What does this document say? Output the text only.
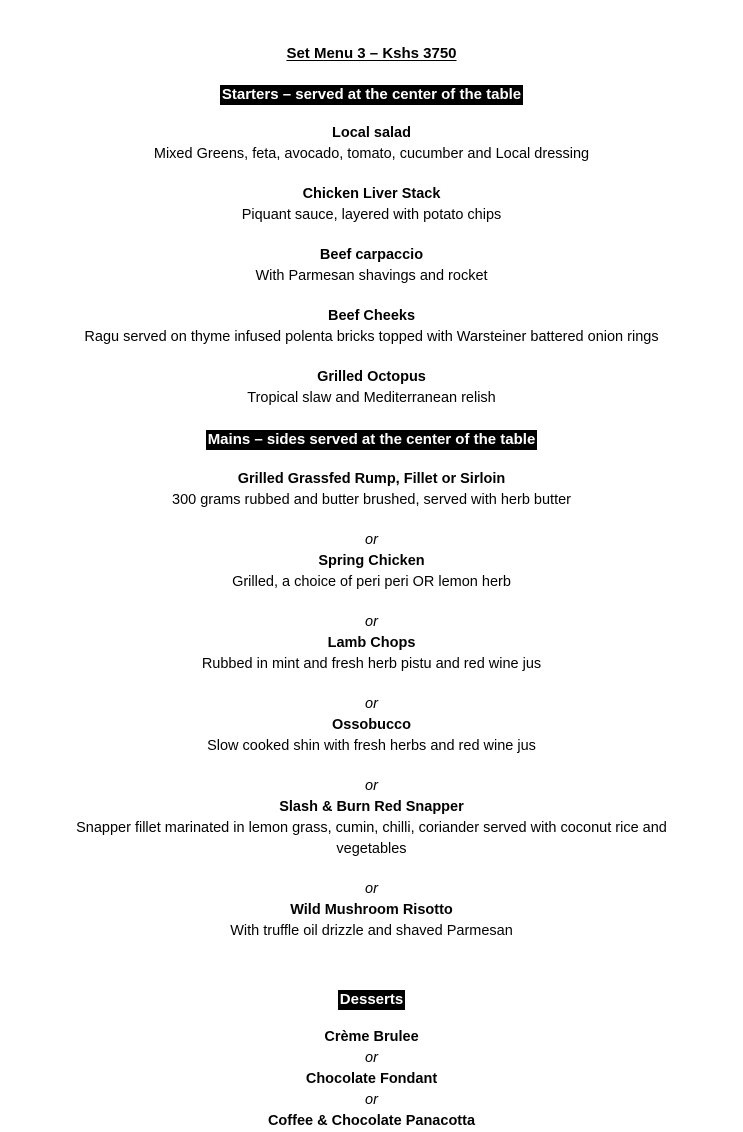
Set Menu 3 – Kshs 3750
Starters – served at the center of the table
Local salad
Mixed Greens, feta, avocado, tomato, cucumber and Local dressing
Chicken Liver Stack
Piquant sauce, layered with potato chips
Beef carpaccio
With Parmesan shavings and rocket
Beef Cheeks
Ragu served on thyme infused polenta bricks topped with Warsteiner battered onion rings
Grilled Octopus
Tropical slaw and Mediterranean relish
Mains – sides served at the center of the table
Grilled Grassfed Rump, Fillet or Sirloin
300 grams rubbed and butter brushed, served with herb butter
or
Spring Chicken
Grilled, a choice of peri peri OR lemon herb
or
Lamb Chops
Rubbed in mint and fresh herb pistu and red wine jus
or
Ossobucco
Slow cooked shin with fresh herbs and red wine jus
or
Slash & Burn Red Snapper
Snapper fillet marinated in lemon grass, cumin, chilli, coriander served with coconut rice and vegetables
or
Wild Mushroom Risotto
With truffle oil drizzle and shaved Parmesan
Desserts
Crème Brulee
or
Chocolate Fondant
or
Coffee & Chocolate Panacotta
